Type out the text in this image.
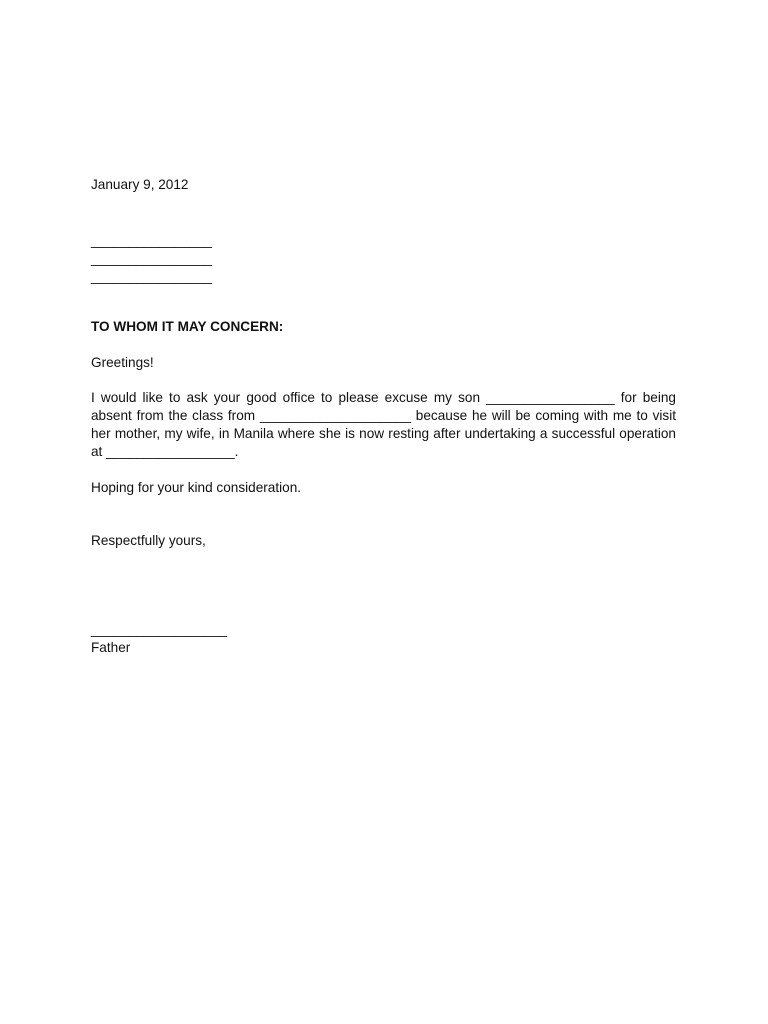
January 9, 2012
________________
________________
________________
TO WHOM IT MAY CONCERN:
Greetings!
I would like to ask your good office to please excuse my son _________________ for being absent from the class from ____________________ because he will be coming with me to visit her mother, my wife, in Manila where she is now resting after undertaking a successful operation at _________________.
Hoping for your kind consideration.
Respectfully yours,
__________________
Father
